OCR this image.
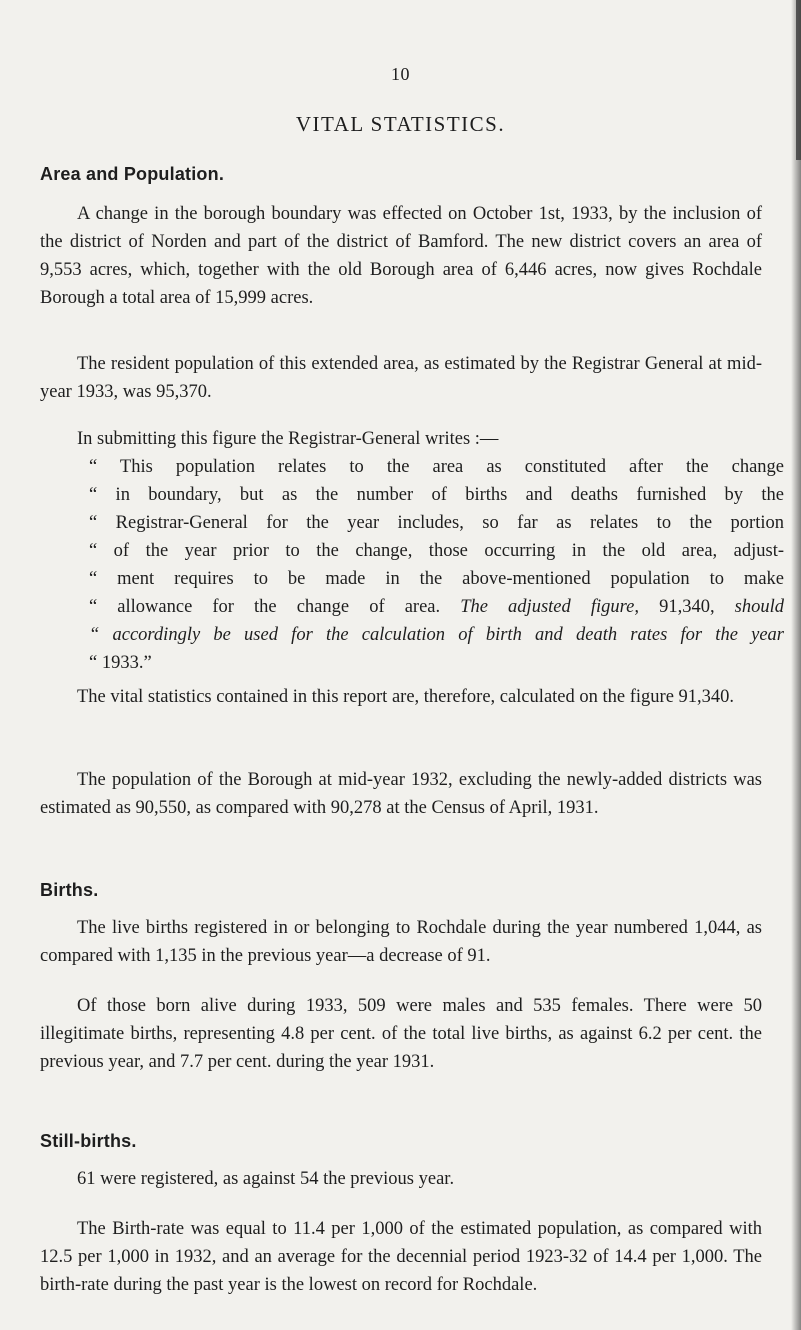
10
VITAL STATISTICS.
Area and Population.

A change in the borough boundary was effected on October 1st, 1933, by the inclusion of the district of Norden and part of the district of Bamford. The new district covers an area of 9,553 acres, which, together with the old Borough area of 6,446 acres, now gives Rochdale Borough a total area of 15,999 acres.

The resident population of this extended area, as estimated by the Registrar General at mid-year 1933, was 95,370.

In submitting this figure the Registrar-General writes :—

“ This population relates to the area as constituted after the change
“ in boundary, but as the number of births and deaths furnished by the
“ Registrar-General for the year includes, so far as relates to the portion
“ of the year prior to the change, those occurring in the old area, adjust-
“ ment requires to be made in the above-mentioned population to make
“ allowance for the change of area. The adjusted figure, 91,340, should
“ accordingly be used for the calculation of birth and death rates for the year
“ 1933.”

The vital statistics contained in this report are, therefore, calculated on the figure 91,340.

The population of the Borough at mid-year 1932, excluding the newly-added districts was estimated as 90,550, as compared with 90,278 at the Census of April, 1931.

Births.

The live births registered in or belonging to Rochdale during the year numbered 1,044, as compared with 1,135 in the previous year—a decrease of 91.

Of those born alive during 1933, 509 were males and 535 females. There were 50 illegitimate births, representing 4.8 per cent. of the total live births, as against 6.2 per cent. the previous year, and 7.7 per cent. during the year 1931.

Still-births.

61 were registered, as against 54 the previous year.

The Birth-rate was equal to 11.4 per 1,000 of the estimated population, as compared with 12.5 per 1,000 in 1932, and an average for the decennial period 1923-32 of 14.4 per 1,000. The birth-rate during the past year is the lowest on record for Rochdale.
